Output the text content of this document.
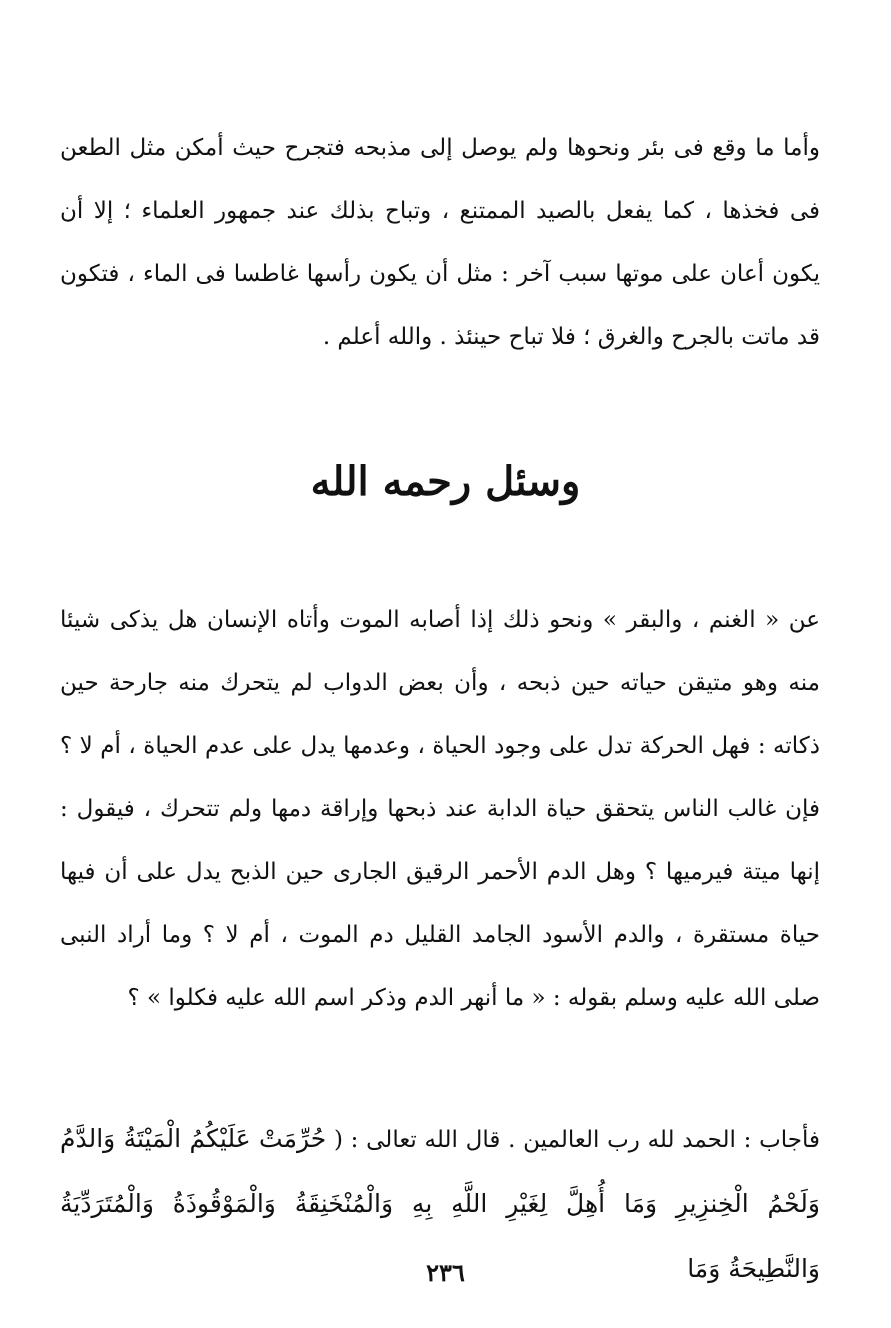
وأما ما وقع فى بئر ونحوها ولم يوصل إلى مذبحه فتجرح حيث أمكن مثل الطعن فى فخذها ، كما يفعل بالصيد الممتنع ، وتباح بذلك عند جمهور العلماء ؛ إلا أن يكون أعان على موتها سبب آخر : مثل أن يكون رأسها غاطسا فى الماء ، فتكون قد ماتت بالجرح والغرق ؛ فلا تباح حينئذ . والله أعلم .

وسئل رحمه الله

عن « الغنم ، والبقر » ونحو ذلك إذا أصابه الموت وأتاه الإنسان هل يذكى شيئا منه وهو متيقن حياته حين ذبحه ، وأن بعض الدواب لم يتحرك منه جارحة حين ذكاته : فهل الحركة تدل على وجود الحياة ، وعدمها يدل على عدم الحياة ، أم لا ؟ فإن غالب الناس يتحقق حياة الدابة عند ذبحها وإراقة دمها ولم تتحرك ، فيقول : إنها ميتة فيرميها ؟ وهل الدم الأحمر الرقيق الجارى حين الذبح يدل على أن فيها حياة مستقرة ، والدم الأسود الجامد القليل دم الموت ، أم لا ؟ وما أراد النبى صلى الله عليه وسلم بقوله : « ما أنهر الدم وذكر اسم الله عليه فكلوا » ؟

فأجاب : الحمد لله رب العالمين . قال الله تعالى : ( حُرِّمَتْ عَلَيْكُمُ الْمَيْتَةُ وَالدَّمُ وَلَحْمُ الْخِنزِيرِ وَمَا أُهِلَّ لِغَيْرِ اللَّهِ بِهِ وَالْمُنْخَنِقَةُ وَالْمَوْقُوذَةُ وَالْمُتَرَدِّيَةُ وَالنَّطِيحَةُ وَمَا

٢٣٦
